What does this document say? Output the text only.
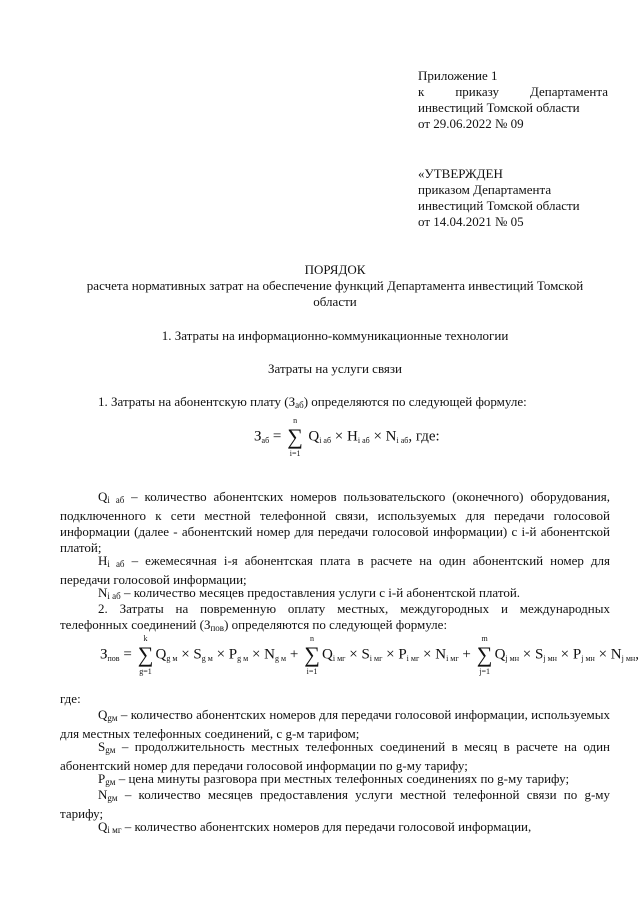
Приложение 1
к приказу Департамента
инвестиций Томской области
от 29.06.2022 № 09
«УТВЕРЖДЕН
приказом Департамента
инвестиций Томской области
от 14.04.2021 № 05
ПОРЯДОК
расчета нормативных затрат на обеспечение функций Департамента инвестиций Томской
области
1. Затраты на информационно-коммуникационные технологии
Затраты на услуги связи
1. Затраты на абонентскую плату $(З_{аб})$ определяются по следующей формуле:
$З_{аб}$ =
n
∑
i=1
$Q_{i аб} \times H_{i аб} \times N_{i аб}$, где:
$Q_{i аб}$ – количество абонентских номеров пользовательского (оконечного) оборудования, подключенного к сети местной телефонной связи, используемых для передачи голосовой информации (далее - абонентский номер для передачи голосовой информации) с i-й абонентской платой;
$H_{i аб}$ – ежемесячная i-я абонентская плата в расчете на один абонентский номер для передачи голосовой информации;
$N_{i аб}$ – количество месяцев предоставления услуги с i-й абонентской платой.
2. Затраты на повременную оплату местных, междугородных и международных телефонных соединений $(З_{пов})$ определяются по следующей формуле:
$З_{пов}$ =
k
∑
g=1
$Q_{g м} \times S_{g м} \times P_{g м} \times N_{g м}$ +
n
∑
i=1
$Q_{i мг} \times S_{i мг} \times P_{i мг} \times N_{i мг}$ +
m
∑
j=1
$Q_{j мн} \times S_{j мн} \times P_{j мн} \times N_{j мн}$,
где:
$Q_{gм}$ – количество абонентских номеров для передачи голосовой информации, используемых для местных телефонных соединений, с g-м тарифом;
$S_{gм}$ – продолжительность местных телефонных соединений в месяц в расчете на один абонентский номер для передачи голосовой информации по g-му тарифу;
$P_{gм}$ – цена минуты разговора при местных телефонных соединениях по g-му тарифу;
$N_{gм}$ – количество месяцев предоставления услуги местной телефонной связи по g-му тарифу;
$Q_{i мг}$ – количество абонентских номеров для передачи голосовой информации,
